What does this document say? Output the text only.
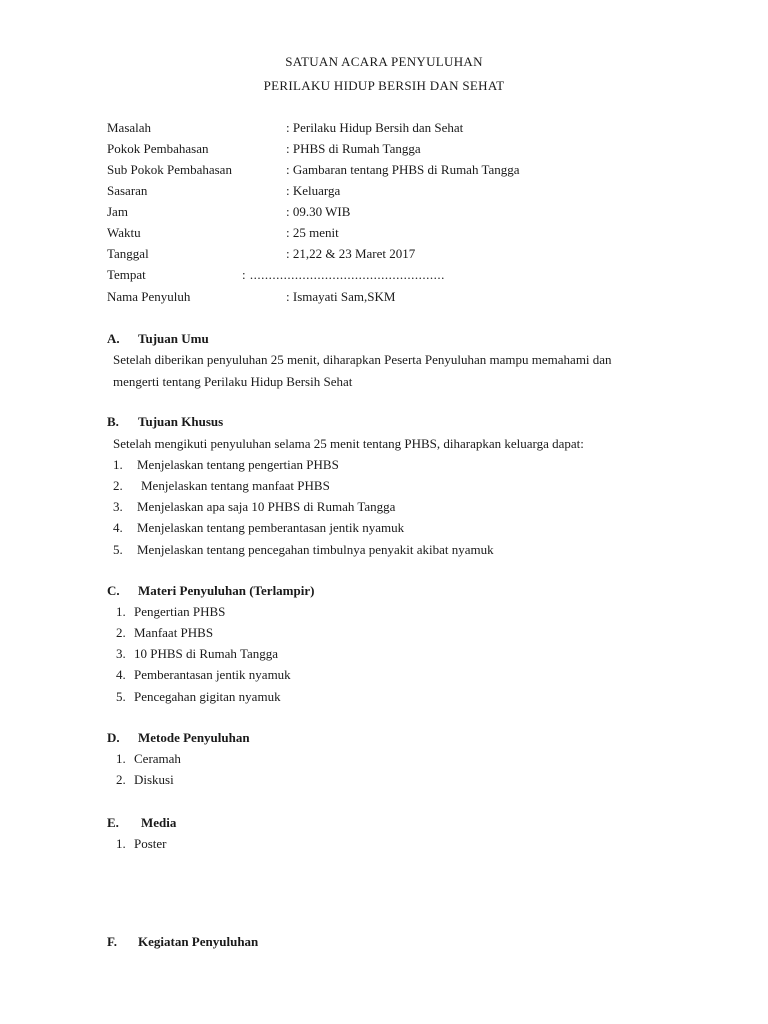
SATUAN ACARA PENYULUHAN
PERILAKU HIDUP BERSIH DAN SEHAT
Masalah	: Perilaku Hidup Bersih dan Sehat
Pokok Pembahasan	: PHBS di Rumah Tangga
Sub Pokok Pembahasan	: Gambaran tentang PHBS di Rumah Tangga
Sasaran	: Keluarga
Jam	: 09.30 WIB
Waktu	: 25 menit
Tanggal	: 21,22 & 23 Maret 2017
Tempat	: ....................................................
Nama Penyuluh	: Ismayati Sam,SKM
A. Tujuan Umu
Setelah diberikan penyuluhan 25 menit, diharapkan Peserta Penyuluhan mampu memahami dan
mengerti tentang Perilaku Hidup Bersih Sehat
B. Tujuan Khusus
Setelah mengikuti penyuluhan selama 25 menit tentang PHBS, diharapkan keluarga dapat:
1. Menjelaskan tentang pengertian PHBS
2. Menjelaskan tentang manfaat PHBS
3. Menjelaskan apa saja 10 PHBS di Rumah Tangga
4. Menjelaskan tentang pemberantasan jentik nyamuk
5. Menjelaskan tentang pencegahan timbulnya penyakit akibat nyamuk
C. Materi Penyuluhan (Terlampir)
1. Pengertian PHBS
2. Manfaat PHBS
3. 10 PHBS di Rumah Tangga
4. Pemberantasan jentik nyamuk
5. Pencegahan gigitan nyamuk
D. Metode Penyuluhan
1. Ceramah
2. Diskusi
E. Media
1. Poster
F. Kegiatan Penyuluhan
